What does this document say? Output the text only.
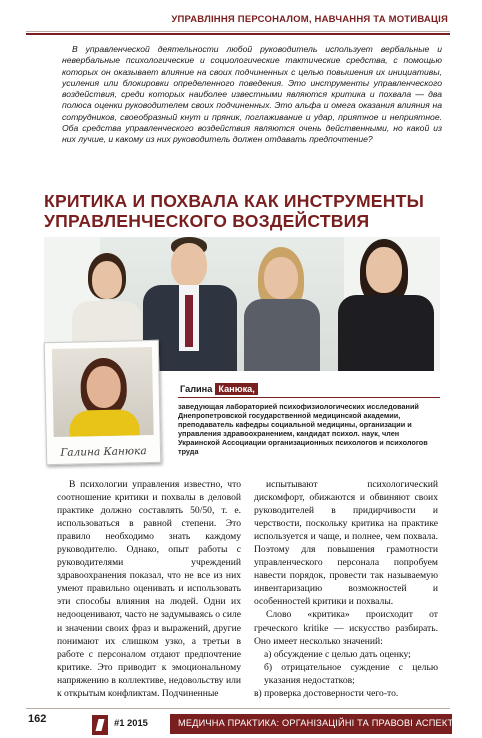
УПРАВЛІННЯ ПЕРСОНАЛОМ, НАВЧАННЯ ТА МОТИВАЦІЯ

В управленческой деятельности любой руководитель использует вербальные и невербальные психологические и социологические тактические средства, с помощью которых он оказывает влияние на своих подчиненных с целью повышения их инициативы, усиления или блокировки определенного поведения. Это инструменты управленческого воздействия, среди которых наиболее известными являются критика и похвала — два полюса оценки руководителем своих подчиненных. Это альфа и омега оказания влияния на сотрудников, своеобразный кнут и пряник, поглаживание и удар, приятное и неприятное. Оба средства управленческого воздействия являются очень действенными, но какой из них лучше, и какому из них руководитель должен отдавать предпочтение?

КРИТИКА И ПОХВАЛА КАК ИНСТРУМЕНТЫ УПРАВЛЕНЧЕСКОГО ВОЗДЕЙСТВИЯ
Галина Канюка
Галина Канюка,

заведующая лабораторией психофизиологических исследований Днепропетровской государственной медицинской академии, преподаватель кафедры социальной медицины, организации и управления здравоохранением, кандидат психол. наук, член Украинской Ассоциации организационных психологов и психологов труда

В психологии управления известно, что соотношение критики и похвалы в деловой практике должно составлять 50/50, т. е. использоваться в равной степени. Это правило необходимо знать каждому руководителю. Однако, опыт работы с руководителями учреждений здравоохранения показал, что не все из них умеют правильно оценивать и использовать эти способы влияния на людей. Одни их недооценивают, часто не задумываясь о силе и значении своих фраз и выражений, другие понимают их слишком узко, а третьи в работе с персоналом отдают предпочтение критике. Это приводит к эмоциональному напряжению в коллективе, недовольству или к открытым конфликтам. Подчиненные

испытывают психологический дискомфорт, обижаются и обвиняют своих руководителей в придирчивости и черствости, поскольку критика на практике используется и чаще, и полнее, чем похвала. Поэтому для повышения грамотности управленческого персонала попробуем навести порядок, провести так называемую инвентаризацию возможностей и особенностей критики и похвалы.

Слово «критика» происходит от греческого kritike — искусство разбирать. Оно имеет несколько значений:

а) обсуждение с целью дать оценку;

б) отрицательное суждение с целью указания недостатков;

в) проверка достоверности чего-то.

162	#1 2015	МЕДИЧНА ПРАКТИКА: ОРГАНІЗАЦІЙНІ ТА ПРАВОВІ АСПЕКТИ
